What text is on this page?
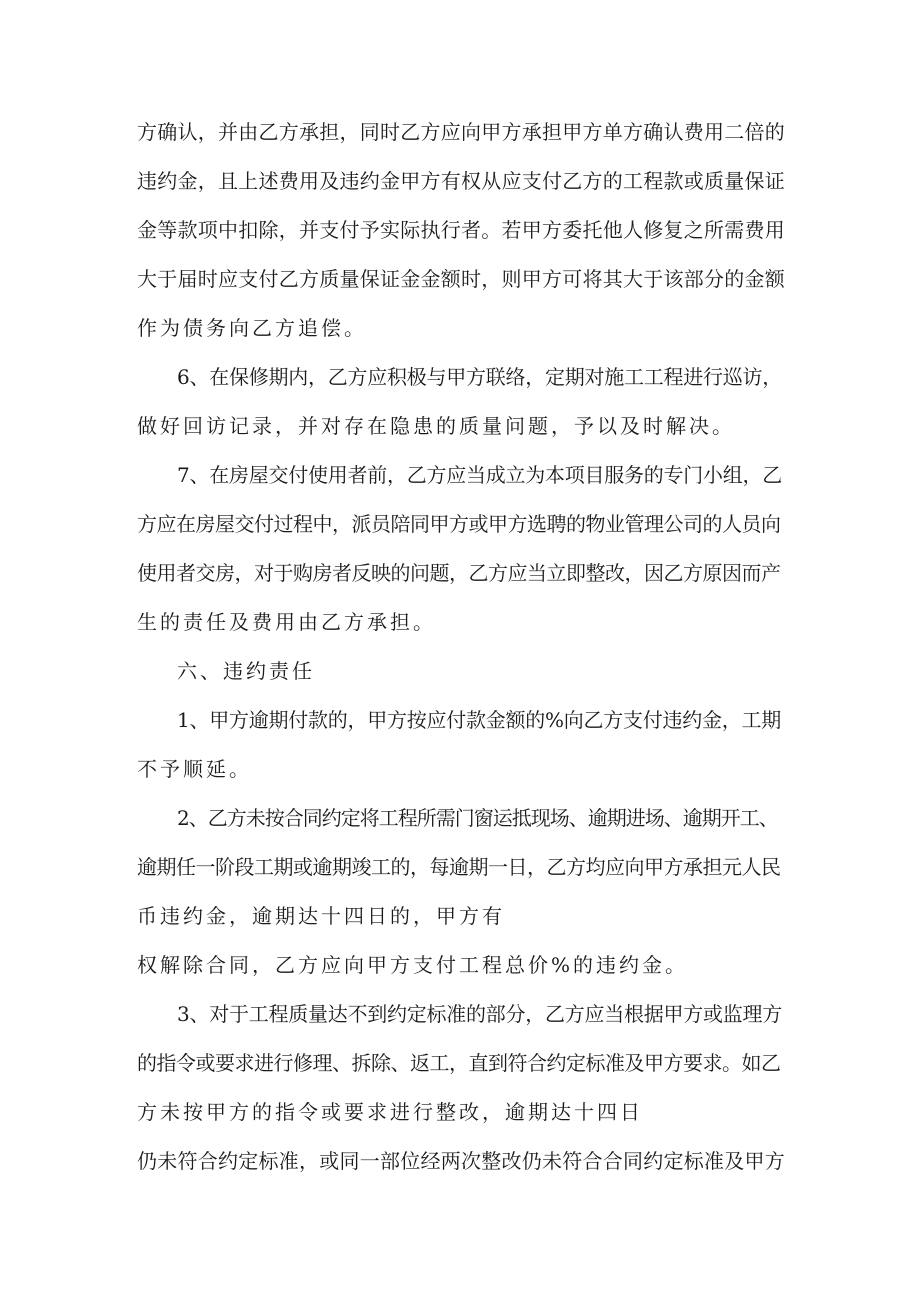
方确认，并由乙方承担，同时乙方应向甲方承担甲方单方确认费用二倍的

违约金，且上述费用及违约金甲方有权从应支付乙方的工程款或质量保证

金等款项中扣除，并支付予实际执行者。若甲方委托他人修复之所需费用

大于届时应支付乙方质量保证金金额时，则甲方可将其大于该部分的金额

作为债务向乙方追偿。

6、在保修期内，乙方应积极与甲方联络，定期对施工工程进行巡访，

做好回访记录，并对存在隐患的质量问题，予以及时解决。

7、在房屋交付使用者前，乙方应当成立为本项目服务的专门小组，乙

方应在房屋交付过程中，派员陪同甲方或甲方选聘的物业管理公司的人员向

使用者交房，对于购房者反映的问题，乙方应当立即整改，因乙方原因而产

生的责任及费用由乙方承担。

六、违约责任

1、甲方逾期付款的，甲方按应付款金额的%向乙方支付违约金，工期

不予顺延。

2、乙方未按合同约定将工程所需门窗运抵现场、逾期进场、逾期开工、

逾期任一阶段工期或逾期竣工的，每逾期一日，乙方均应向甲方承担元人民

币违约金，逾期达十四日的，甲方有

权解除合同，乙方应向甲方支付工程总价%的违约金。

3、对于工程质量达不到约定标准的部分，乙方应当根据甲方或监理方

的指令或要求进行修理、拆除、返工，直到符合约定标准及甲方要求。如乙

方未按甲方的指令或要求进行整改，逾期达十四日

仍未符合约定标准，或同一部位经两次整改仍未符合合同约定标准及甲方
